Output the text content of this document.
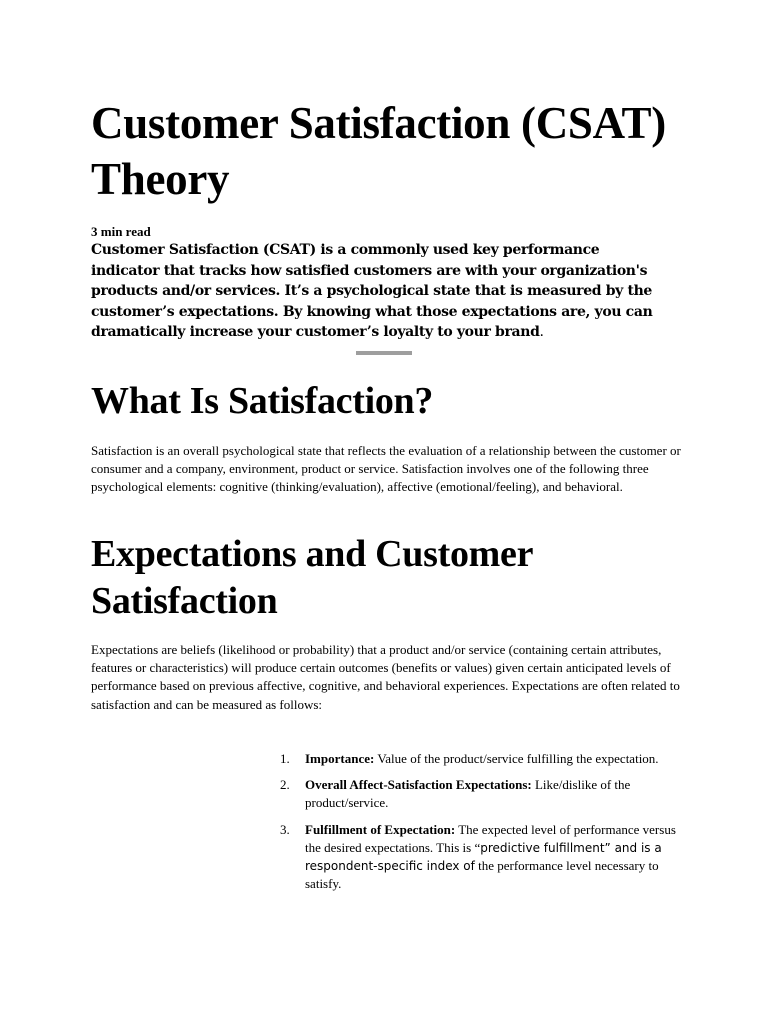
Customer Satisfaction (CSAT) Theory
3 min read

Customer Satisfaction (CSAT) is a commonly used key performance indicator that tracks how satisfied customers are with your organization's products and/or services. It’s a psychological state that is measured by the customer’s expectations. By knowing what those expectations are, you can dramatically increase your customer’s loyalty to your brand.

What Is Satisfaction?

Satisfaction is an overall psychological state that reflects the evaluation of a relationship between the customer or consumer and a company, environment, product or service. Satisfaction involves one of the following three psychological elements: cognitive (thinking/evaluation), affective (emotional/feeling), and behavioral.

Expectations and Customer Satisfaction

Expectations are beliefs (likelihood or probability) that a product and/or service (containing certain attributes, features or characteristics) will produce certain outcomes (benefits or values) given certain anticipated levels of performance based on previous affective, cognitive, and behavioral experiences. Expectations are often related to satisfaction and can be measured as follows:

1. Importance: Value of the product/service fulfilling the expectation.
2. Overall Affect-Satisfaction Expectations: Like/dislike of the product/service.
3. Fulfillment of Expectation: The expected level of performance versus the desired expectations. This is “predictive fulfillment” and is a respondent-specific index of the performance level necessary to satisfy.
